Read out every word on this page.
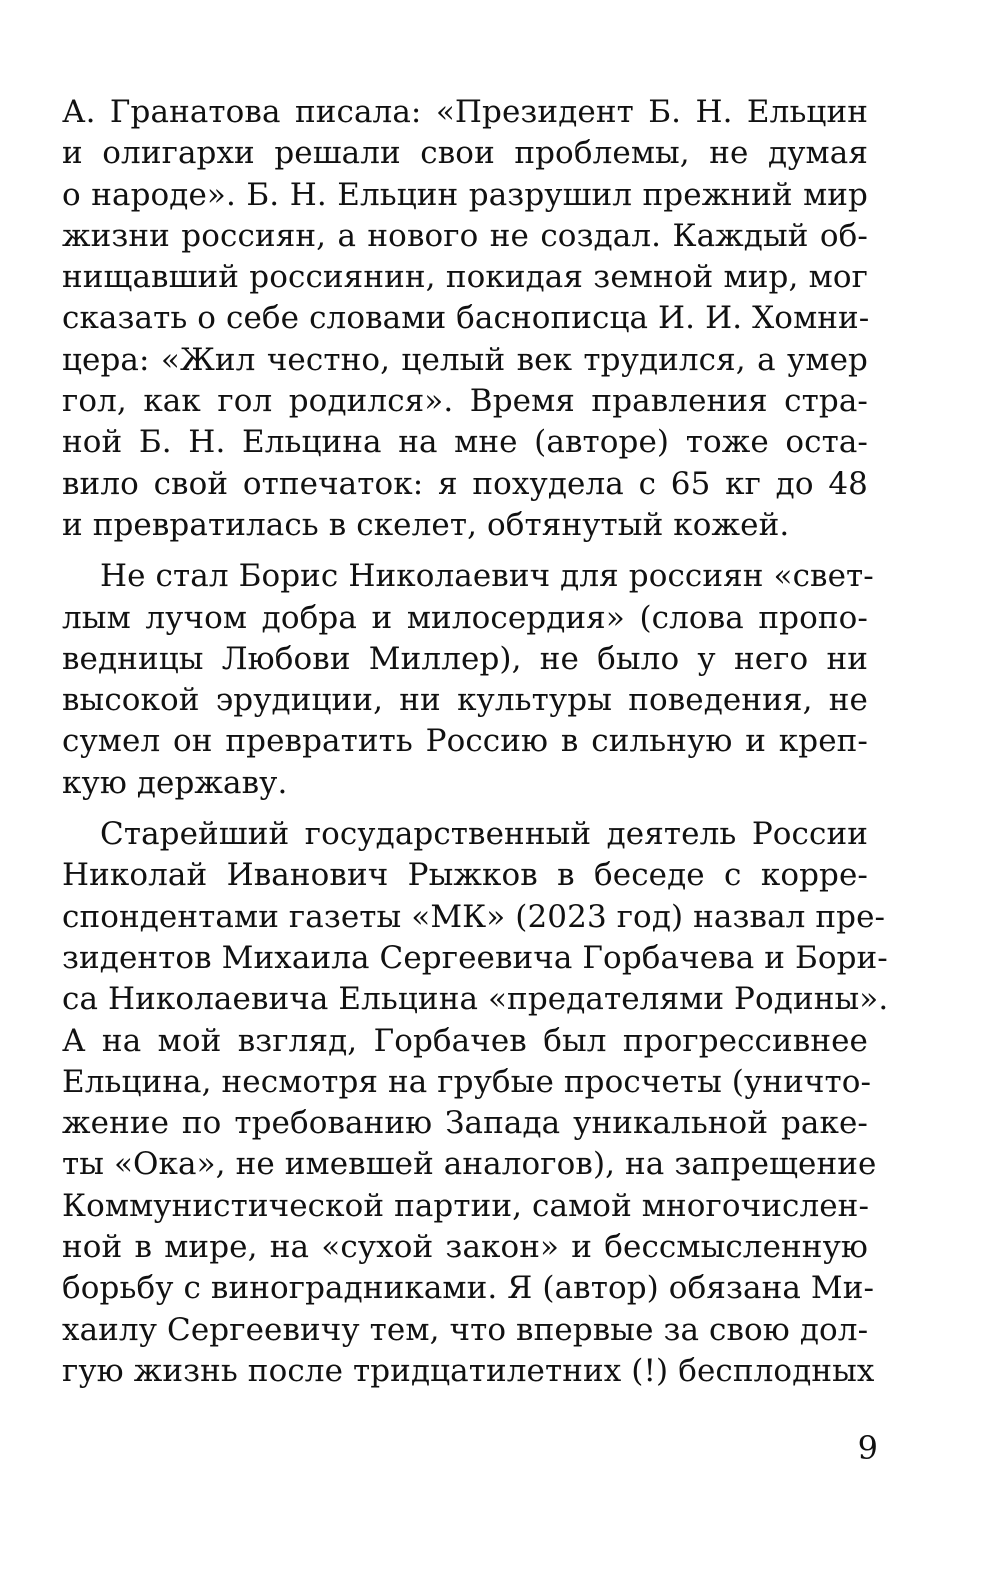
А. Гранатова писала: «Президент Б. Н. Ельцин
и олигархи решали свои проблемы, не думая
о народе». Б. Н. Ельцин разрушил прежний мир
жизни россиян, а нового не создал. Каждый об-
нищавший россиянин, покидая земной мир, мог
сказать о себе словами баснописца И. И. Хомни-
цера: «Жил честно, целый век трудился, а умер
гол, как гол родился». Время правления стра-
ной Б. Н. Ельцина на мне (авторе) тоже оста-
вило свой отпечаток: я похудела с 65 кг до 48
и превратилась в скелет, обтянутый кожей.
Не стал Борис Николаевич для россиян «свет-
лым лучом добра и милосердия» (слова пропо-
ведницы Любови Миллер), не было у него ни
высокой эрудиции, ни культуры поведения, не
сумел он превратить Россию в сильную и креп-
кую державу.
Старейший государственный деятель России
Николай Иванович Рыжков в беседе с корре-
спондентами газеты «МК» (2023 год) назвал пре-
зидентов Михаила Сергеевича Горбачева и Бори-
са Николаевича Ельцина «предателями Родины».
А на мой взгляд, Горбачев был прогрессивнее
Ельцина, несмотря на грубые просчеты (уничто-
жение по требованию Запада уникальной раке-
ты «Ока», не имевшей аналогов), на запрещение
Коммунистической партии, самой многочислен-
ной в мире, на «сухой закон» и бессмысленную
борьбу с виноградниками. Я (автор) обязана Ми-
хаилу Сергеевичу тем, что впервые за свою дол-
гую жизнь после тридцатилетних (!) бесплодных
9
